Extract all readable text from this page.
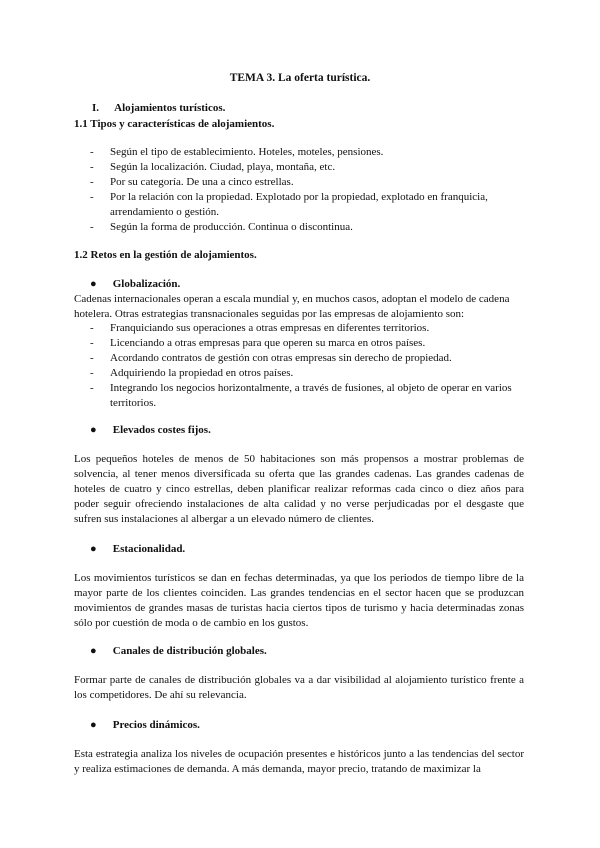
TEMA 3. La oferta turística.
I. Alojamientos turísticos.
1.1 Tipos y características de alojamientos.
- Según el tipo de establecimiento. Hoteles, moteles, pensiones.
- Según la localización. Ciudad, playa, montaña, etc.
- Por su categoría. De una a cinco estrellas.
- Por la relación con la propiedad. Explotado por la propiedad, explotado en franquicia, arrendamiento o gestión.
- Según la forma de producción. Continua o discontinua.
1.2 Retos en la gestión de alojamientos.
● Globalización.
Cadenas internacionales operan a escala mundial y, en muchos casos, adoptan el modelo de cadena hotelera. Otras estrategias transnacionales seguidas por las empresas de alojamiento son:
- Franquiciando sus operaciones a otras empresas en diferentes territorios.
- Licenciando a otras empresas para que operen su marca en otros países.
- Acordando contratos de gestión con otras empresas sin derecho de propiedad.
- Adquiriendo la propiedad en otros países.
- Integrando los negocios horizontalmente, a través de fusiones, al objeto de operar en varios territorios.
● Elevados costes fijos.
Los pequeños hoteles de menos de 50 habitaciones son más propensos a mostrar problemas de solvencia, al tener menos diversificada su oferta que las grandes cadenas. Las grandes cadenas de hoteles de cuatro y cinco estrellas, deben planificar realizar reformas cada cinco o diez años para poder seguir ofreciendo instalaciones de alta calidad y no verse perjudicadas por el desgaste que sufren sus instalaciones al albergar a un elevado número de clientes.
● Estacionalidad.
Los movimientos turísticos se dan en fechas determinadas, ya que los periodos de tiempo libre de la mayor parte de los clientes coinciden. Las grandes tendencias en el sector hacen que se produzcan movimientos de grandes masas de turistas hacia ciertos tipos de turismo y hacia determinadas zonas sólo por cuestión de moda o de cambio en los gustos.
● Canales de distribución globales.
Formar parte de canales de distribución globales va a dar visibilidad al alojamiento turístico frente a los competidores. De ahí su relevancia.
● Precios dinámicos.
Esta estrategia analiza los niveles de ocupación presentes e históricos junto a las tendencias del sector y realiza estimaciones de demanda. A más demanda, mayor precio, tratando de maximizar la
